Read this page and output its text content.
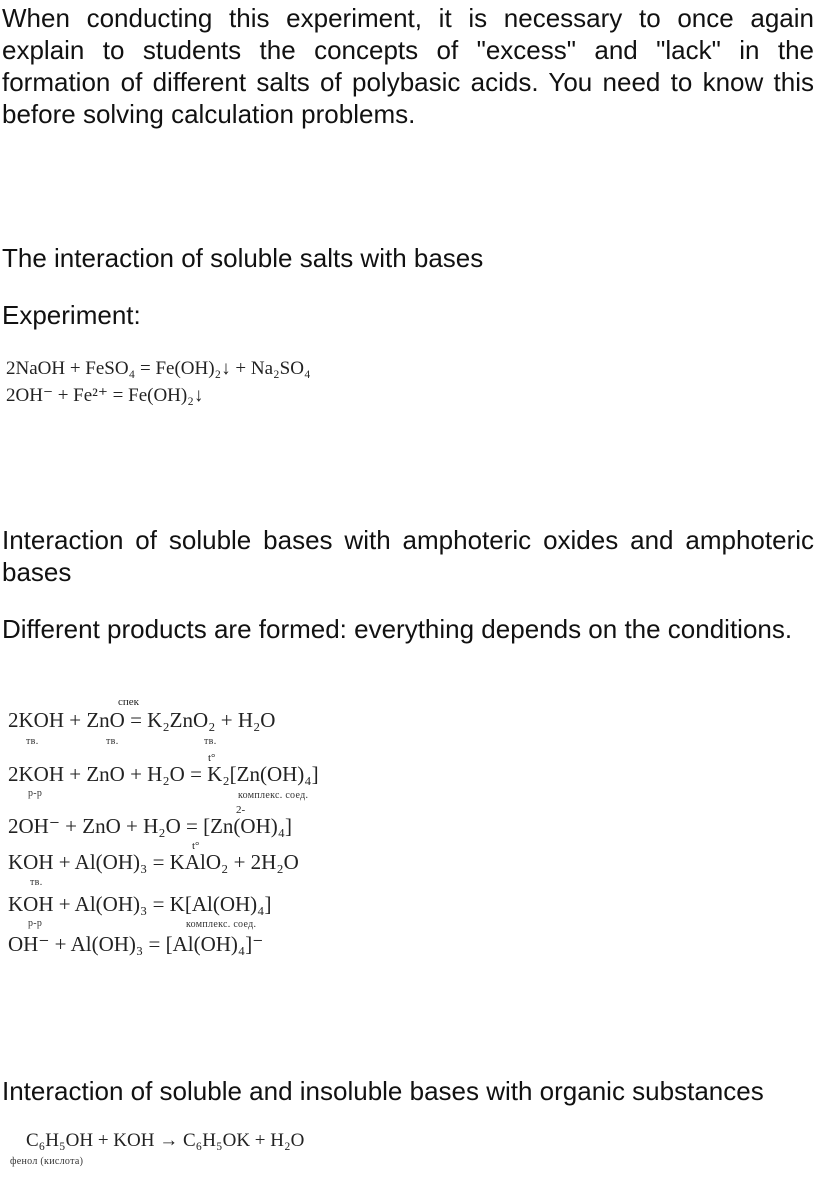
When conducting this experiment, it is necessary to once again explain to students the concepts of "excess" and "lack" in the formation of different salts of polybasic acids. You need to know this before solving calculation problems.

The interaction of soluble salts with bases

Experiment:

2NaOH + FeSO₄ = Fe(OH)₂↓ + Na₂SO₄
2OH⁻ + Fe²⁺ = Fe(OH)₂↓

Interaction of soluble bases with amphoteric oxides and amphoteric bases

Different products are formed: everything depends on the conditions.

спек
2KOH + ZnO = K₂ZnO₂ + H₂O
тв.	тв.	тв.
t°
2KOH + ZnO + H₂O = K₂[Zn(OH)₄]
р-р	комплекс. соед.
2-
2OH⁻ + ZnO + H₂O = [Zn(OH)₄]
t°
KOH + Al(OH)₃ = KAlO₂ + 2H₂O
тв.
KOH + Al(OH)₃ = K[Al(OH)₄]
р-р	комплекс. соед.
OH⁻ + Al(OH)₃ = [Al(OH)₄]⁻

Interaction of soluble and insoluble bases with organic substances

C₆H₅OH + KOH → C₆H₅OK + H₂O
фенол (кислота)
